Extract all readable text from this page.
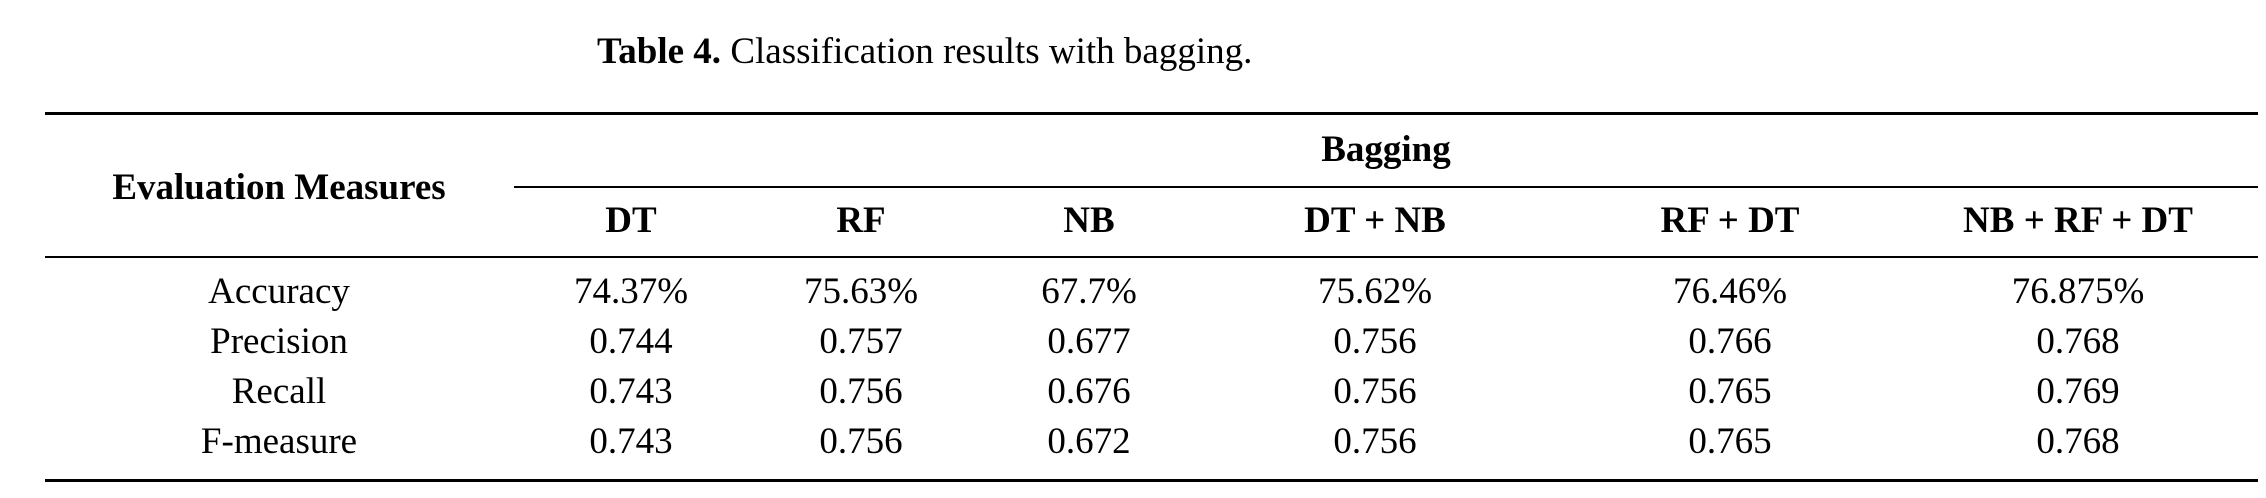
Table 4. Classification results with bagging.
Evaluation Measures
Bagging
DT	RF	NB	DT + NB	RF + DT	NB + RF + DT
Accuracy	74.37%	75.63%	67.7%	75.62%	76.46%	76.875%
Precision	0.744	0.757	0.677	0.756	0.766	0.768
Recall	0.743	0.756	0.676	0.756	0.765	0.769
F-measure	0.743	0.756	0.672	0.756	0.765	0.768
